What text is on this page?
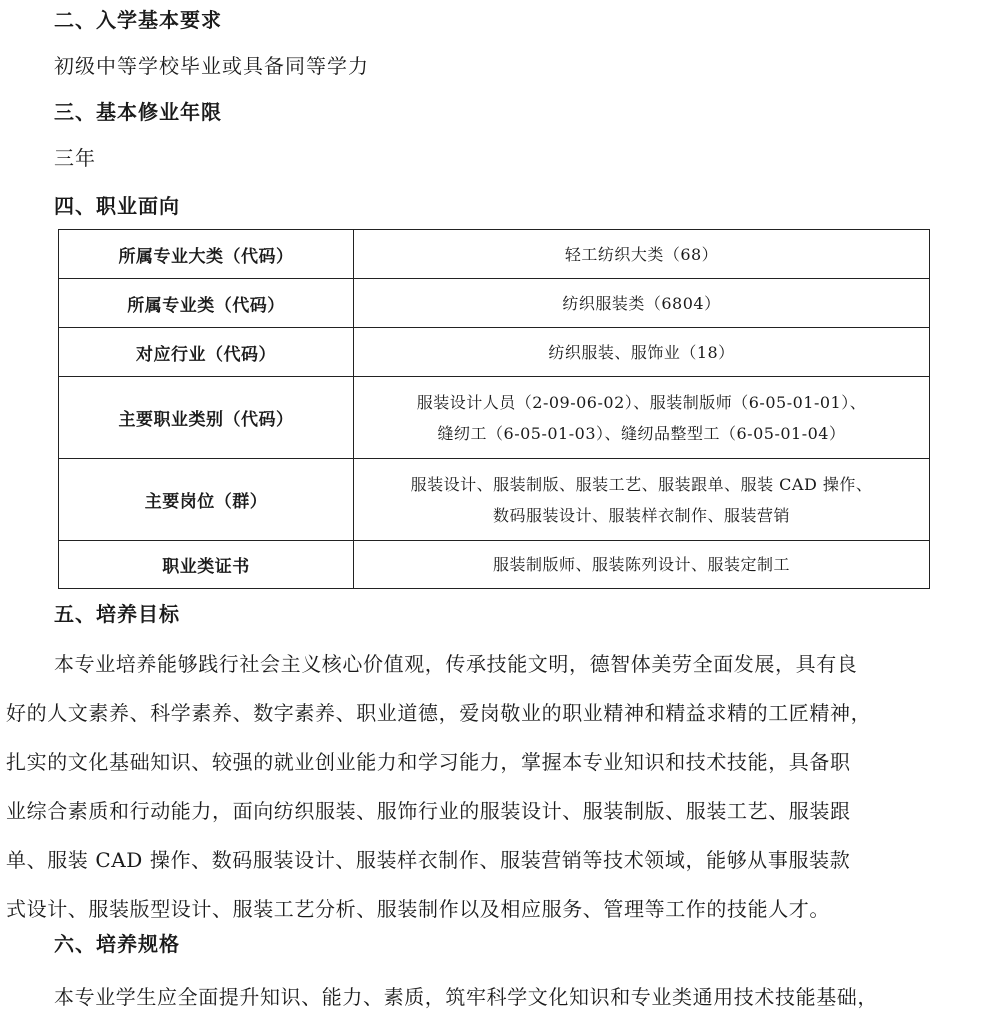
二、入学基本要求

初级中等学校毕业或具备同等学力

三、基本修业年限

三年

四、职业面向
所属专业大类（代码）	轻工纺织大类（68）
所属专业类（代码）	纺织服装类（6804）
对应行业（代码）	纺织服装、服饰业（18）
主要职业类别（代码）	服装设计人员（2-09-06-02）、服装制版师（6-05-01-01）、
缝纫工（6-05-01-03）、缝纫品整型工（6-05-01-04）

主要岗位（群）	服装设计、服装制版、服装工艺、服装跟单、服装 CAD 操作、
数码服装设计、服装样衣制作、服装营销

职业类证书	服装制版师、服装陈列设计、服装定制工
五、培养目标
本专业培养能够践行社会主义核心价值观，传承技能文明，德智体美劳全面发展，具有良
好的人文素养、科学素养、数字素养、职业道德，爱岗敬业的职业精神和精益求精的工匠精神，
扎实的文化基础知识、较强的就业创业能力和学习能力，掌握本专业知识和技术技能，具备职
业综合素质和行动能力，面向纺织服装、服饰行业的服装设计、服装制版、服装工艺、服装跟
单、服装 CAD 操作、数码服装设计、服装样衣制作、服装营销等技术领域，能够从事服装款
式设计、服装版型设计、服装工艺分析、服装制作以及相应服务、管理等工作的技能人才。
六、培养规格
本专业学生应全面提升知识、能力、素质，筑牢科学文化知识和专业类通用技术技能基础，
